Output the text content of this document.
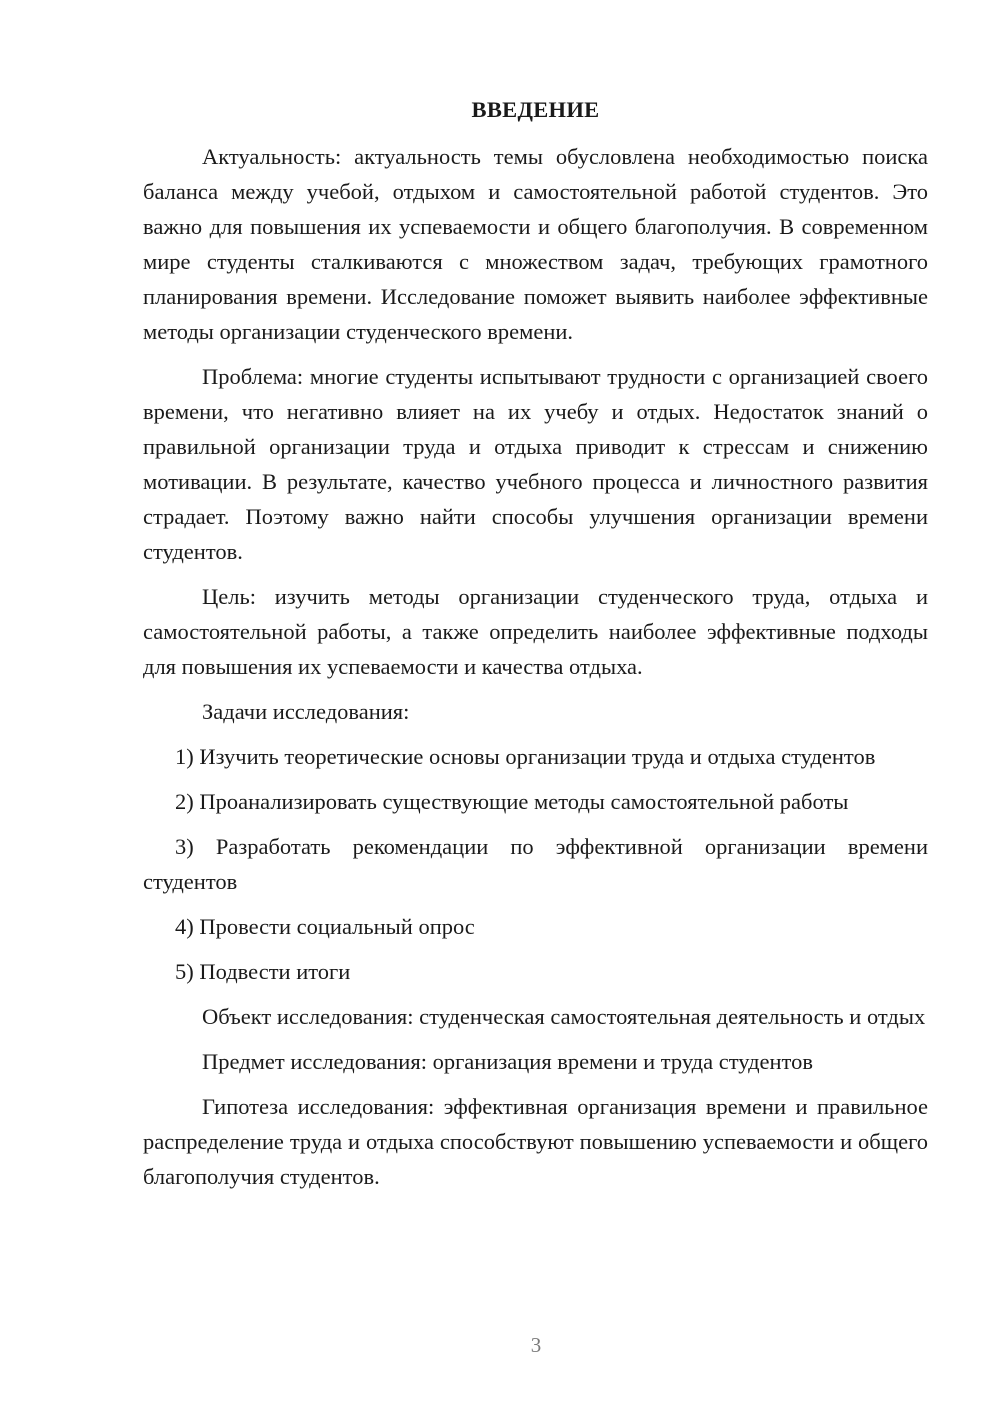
ВВЕДЕНИЕ

Актуальность: актуальность темы обусловлена необходимостью поиска баланса между учебой, отдыхом и самостоятельной работой студентов. Это важно для повышения их успеваемости и общего благополучия. В современном мире студенты сталкиваются с множеством задач, требующих грамотного планирования времени. Исследование поможет выявить наиболее эффективные методы организации студенческого времени.

Проблема: многие студенты испытывают трудности с организацией своего времени, что негативно влияет на их учебу и отдых. Недостаток знаний о правильной организации труда и отдыха приводит к стрессам и снижению мотивации. В результате, качество учебного процесса и личностного развития страдает. Поэтому важно найти способы улучшения организации времени студентов.

Цель: изучить методы организации студенческого труда, отдыха и самостоятельной работы, а также определить наиболее эффективные подходы для повышения их успеваемости и качества отдыха.

Задачи исследования:

1) Изучить теоретические основы организации труда и отдыха студентов

2) Проанализировать существующие методы самостоятельной работы

3) Разработать рекомендации по эффективной организации времени студентов

4) Провести социальный опрос

5) Подвести итоги

Объект исследования: студенческая самостоятельная деятельность и отдых

Предмет исследования: организация времени и труда студентов

Гипотеза исследования: эффективная организация времени и правильное распределение труда и отдыха способствуют повышению успеваемости и общего благополучия студентов.

3
